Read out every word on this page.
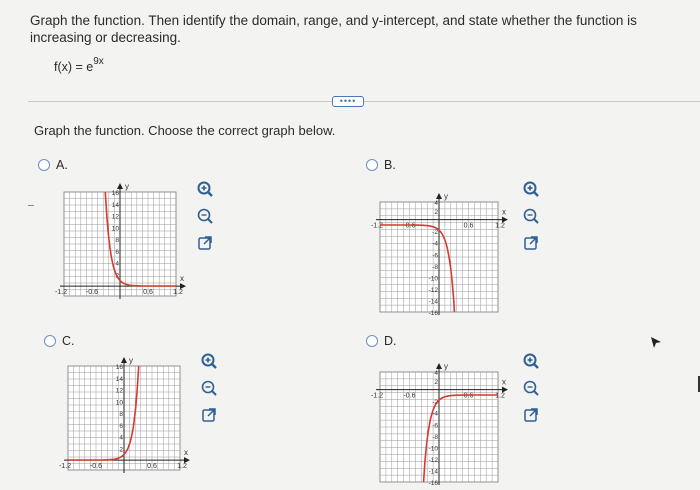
Graph the function. Then identify the domain, range, and y-intercept, and state whether the function is increasing or decreasing.
$f(x) = e^{9x}$
••••
Graph the function. Choose the correct graph below.
A.
y
x
-1.2	-0.6	0.6	1.2
16
14
12
10
8
6
4
2
B.
y
x
-1.2	-0.6	0.6	1.2
4
2
-2
-4
-6
-8
-10
-12
-14
-16
C.
y
x
-1.2	-0.6	0.6	1.2
16
14
12
10
8
6
4
2
D.
y
x
-1.2	-0.6	0.6	1.2
4
2
-2
-4
-6
-8
-10
-12
-14
-16
